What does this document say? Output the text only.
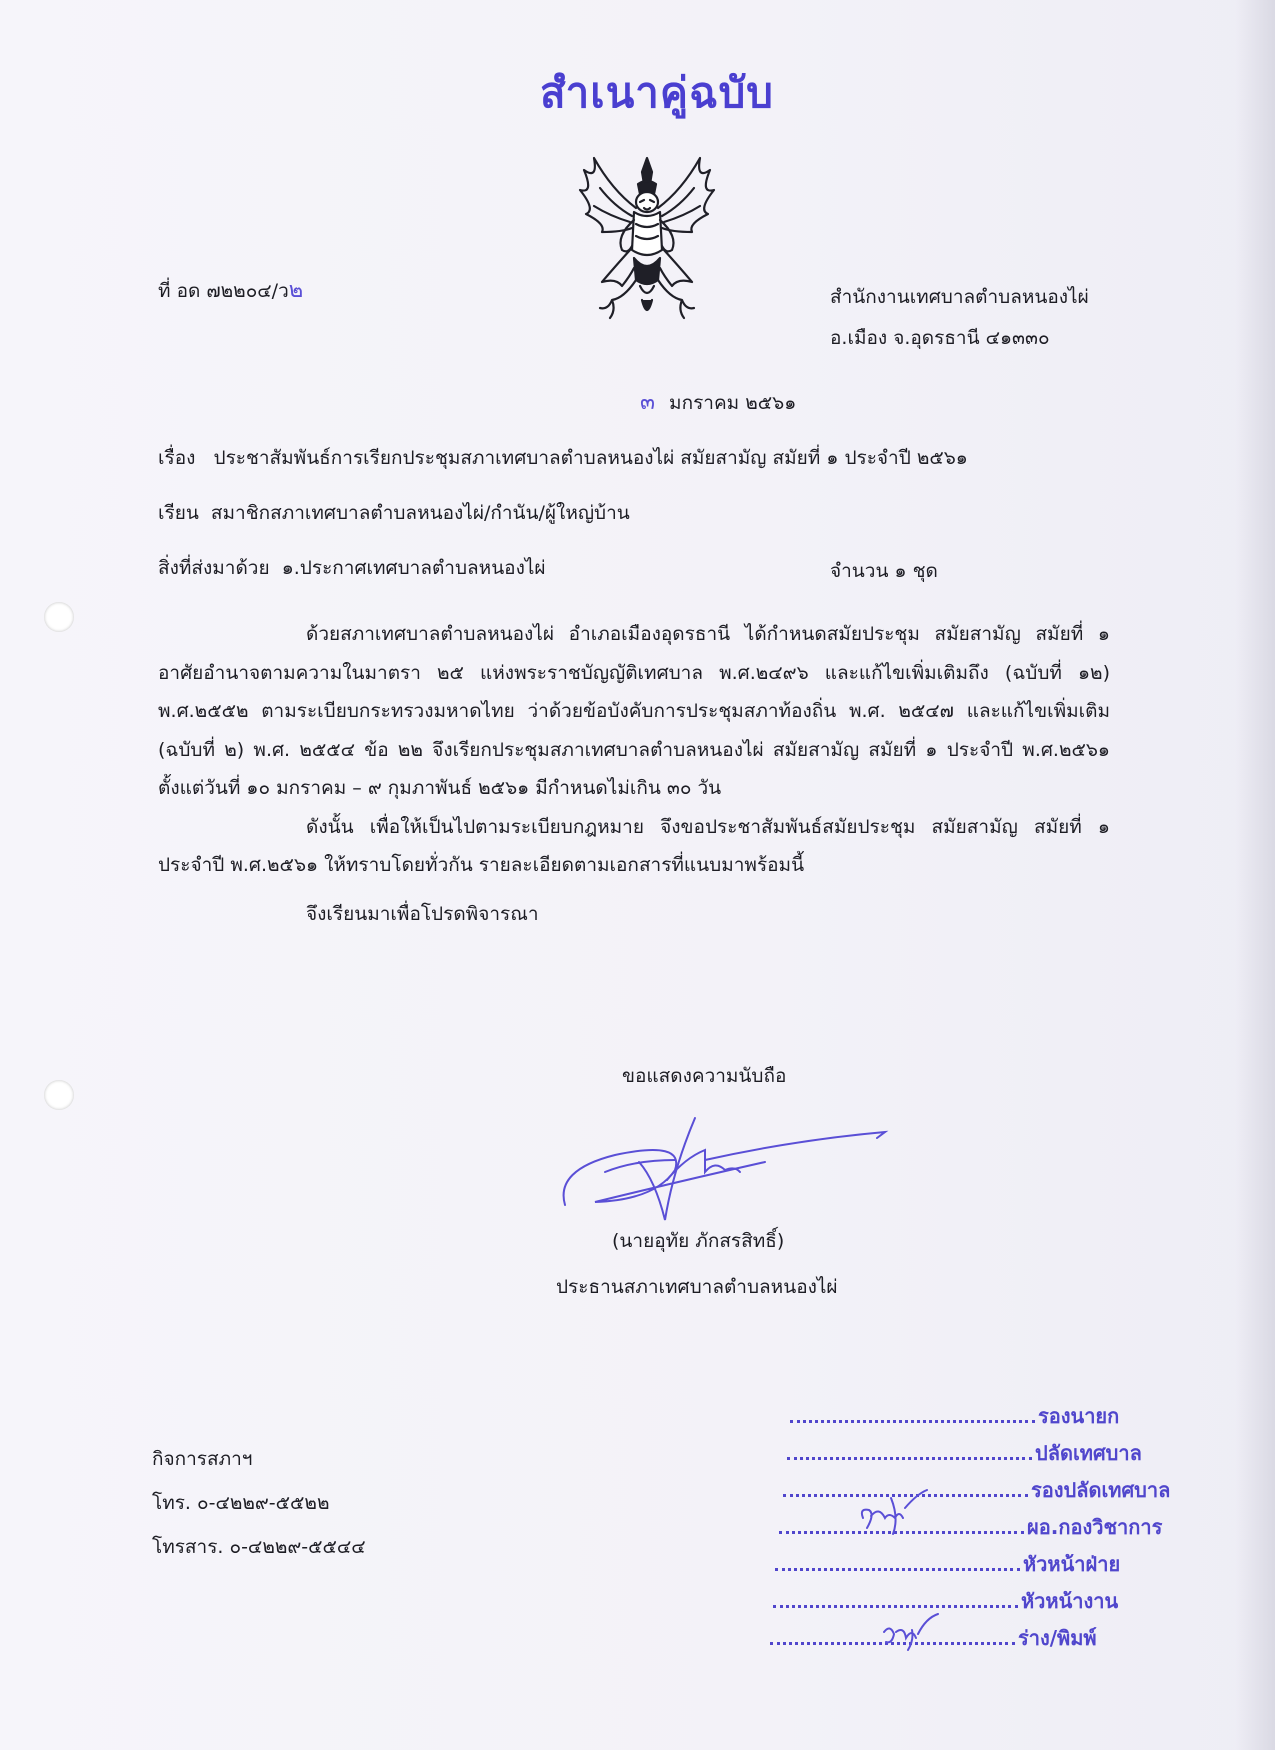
สำเนาคู่ฉบับ
ที่ อด ๗๒๒๐๔/ว๒	สำนักงานเทศบาลตำบลหนองไผ่
อ.เมือง จ.อุดรธานี ๔๑๓๓๐
๓ มกราคม ๒๕๖๑
เรื่อง ประชาสัมพันธ์การเรียกประชุมสภาเทศบาลตำบลหนองไผ่ สมัยสามัญ สมัยที่ ๑ ประจำปี ๒๕๖๑
เรียน สมาชิกสภาเทศบาลตำบลหนองไผ่/กำนัน/ผู้ใหญ่บ้าน
สิ่งที่ส่งมาด้วย ๑.ประกาศเทศบาลตำบลหนองไผ่	จำนวน ๑ ชุด

ด้วยสภาเทศบาลตำบลหนองไผ่ อำเภอเมืองอุดรธานี ได้กำหนดสมัยประชุม สมัยสามัญ สมัยที่ ๑ อาศัยอำนาจตามความในมาตรา ๒๕ แห่งพระราชบัญญัติเทศบาล พ.ศ.๒๔๙๖ และแก้ไขเพิ่มเติมถึง (ฉบับที่ ๑๒) พ.ศ.๒๕๕๒ ตามระเบียบกระทรวงมหาดไทย ว่าด้วยข้อบังคับการประชุมสภาท้องถิ่น พ.ศ. ๒๕๔๗ และแก้ไขเพิ่มเติม (ฉบับที่ ๒) พ.ศ. ๒๕๕๔ ข้อ ๒๒ จึงเรียกประชุมสภาเทศบาลตำบลหนองไผ่ สมัยสามัญ สมัยที่ ๑ ประจำปี พ.ศ.๒๕๖๑ ตั้งแต่วันที่ ๑๐ มกราคม – ๙ กุมภาพันธ์ ๒๕๖๑ มีกำหนดไม่เกิน ๓๐ วัน

ดังนั้น เพื่อให้เป็นไปตามระเบียบกฎหมาย จึงขอประชาสัมพันธ์สมัยประชุม สมัยสามัญ สมัยที่ ๑ ประจำปี พ.ศ.๒๕๖๑ ให้ทราบโดยทั่วกัน รายละเอียดตามเอกสารที่แนบมาพร้อมนี้

จึงเรียนมาเพื่อโปรดพิจารณา

ขอแสดงความนับถือ
(นายอุทัย ภักสรสิทธิ์)
ประธานสภาเทศบาลตำบลหนองไผ่
กิจการสภาฯ
โทร. ๐-๔๒๒๙-๕๕๒๒
โทรสาร. ๐-๔๒๒๙-๕๕๔๔
รองนายก
ปลัดเทศบาล
รองปลัดเทศบาล
ผอ.กองวิชาการ
หัวหน้าฝ่าย
หัวหน้างาน
ร่าง/พิมพ์
